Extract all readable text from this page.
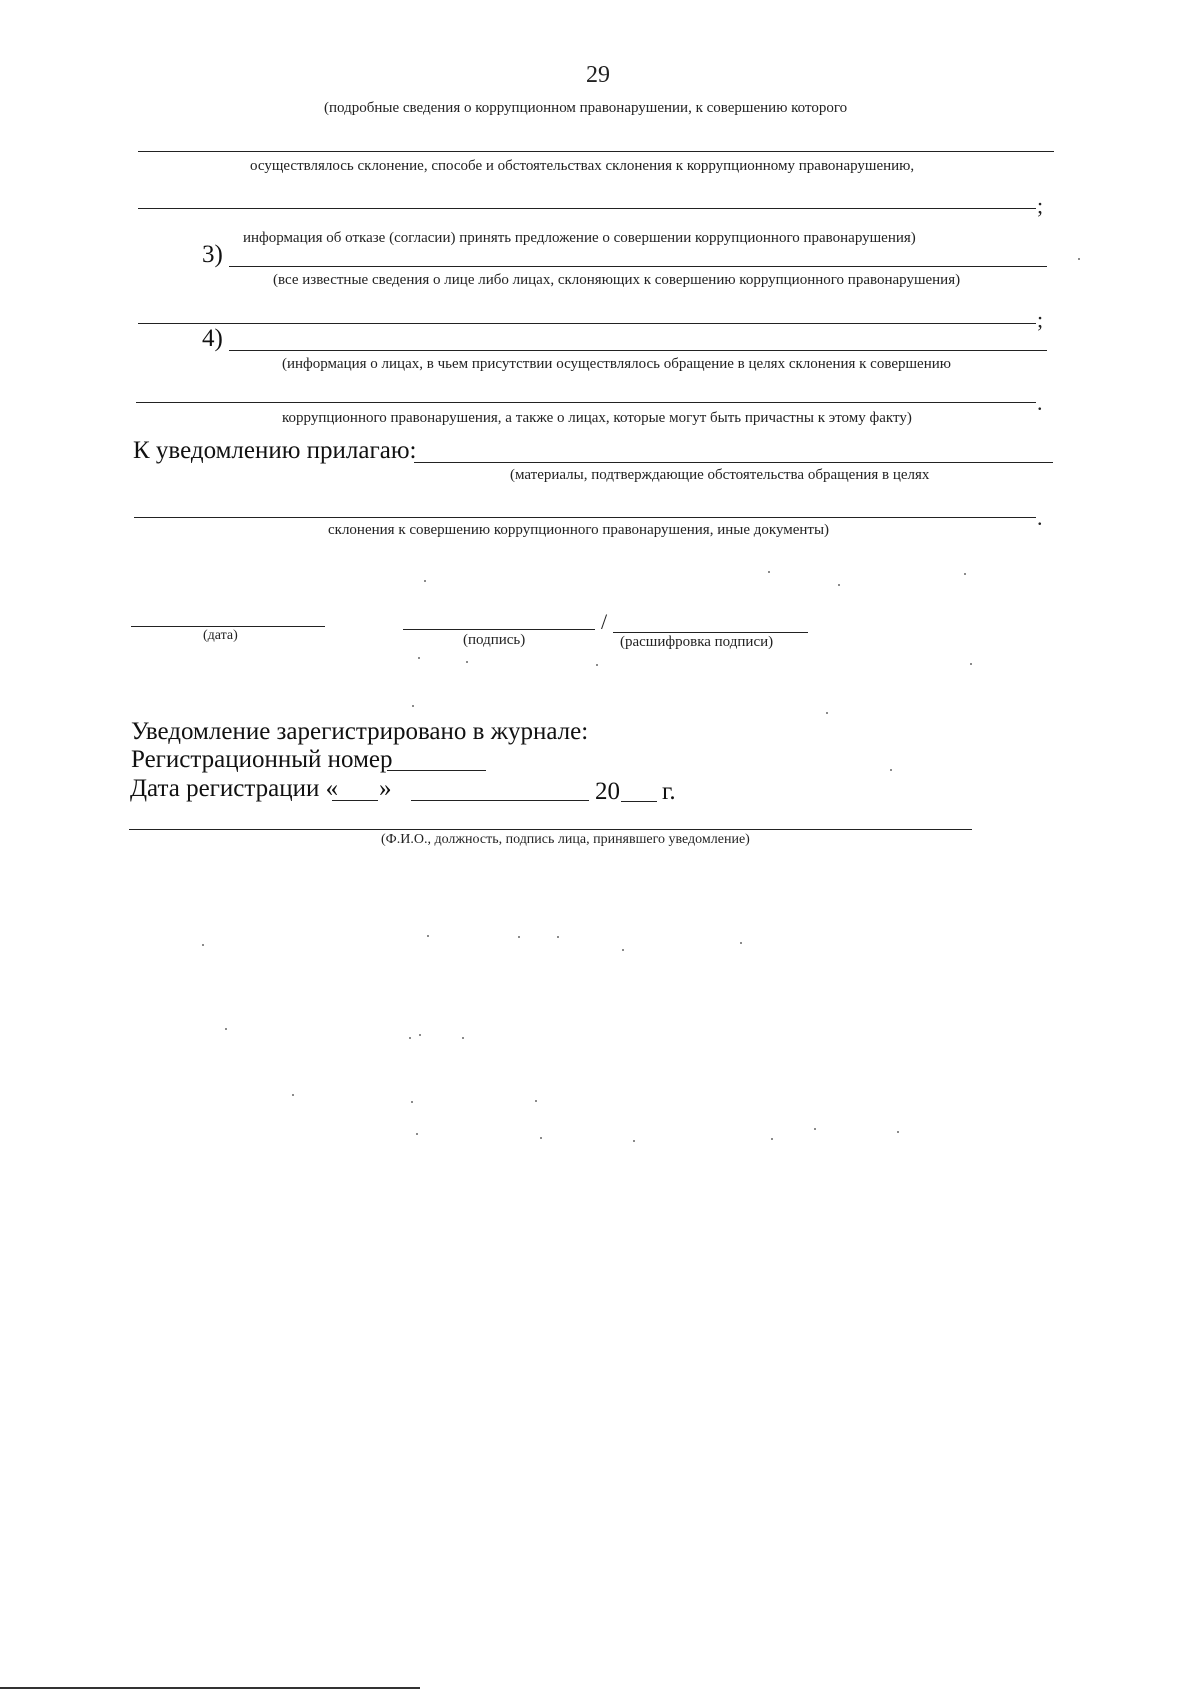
29
(подробные сведения о коррупционном правонарушении, к совершению которого
осуществлялось склонение, способе и обстоятельствах склонения к коррупционному правонарушению,
;
информация об отказе (согласии) принять предложение о совершении коррупционного правонарушения)
3)
(все известные сведения о лице либо лицах, склоняющих к совершению коррупционного правонарушения)
;
4)
(информация о лицах, в чьем присутствии осуществлялось обращение в целях склонения к совершению
.
коррупционного правонарушения, а также о лицах, которые могут быть причастны к этому факту)
К уведомлению прилагаю:
(материалы, подтверждающие обстоятельства обращения в целях
.
склонения к совершению коррупционного правонарушения, иные документы)
(дата)
/
(подпись)	(расшифровка подписи)
Уведомление зарегистрировано в журнале:
Регистрационный номер
Дата регистрации « »	20 г.
(Ф.И.О., должность, подпись лица, принявшего уведомление)
